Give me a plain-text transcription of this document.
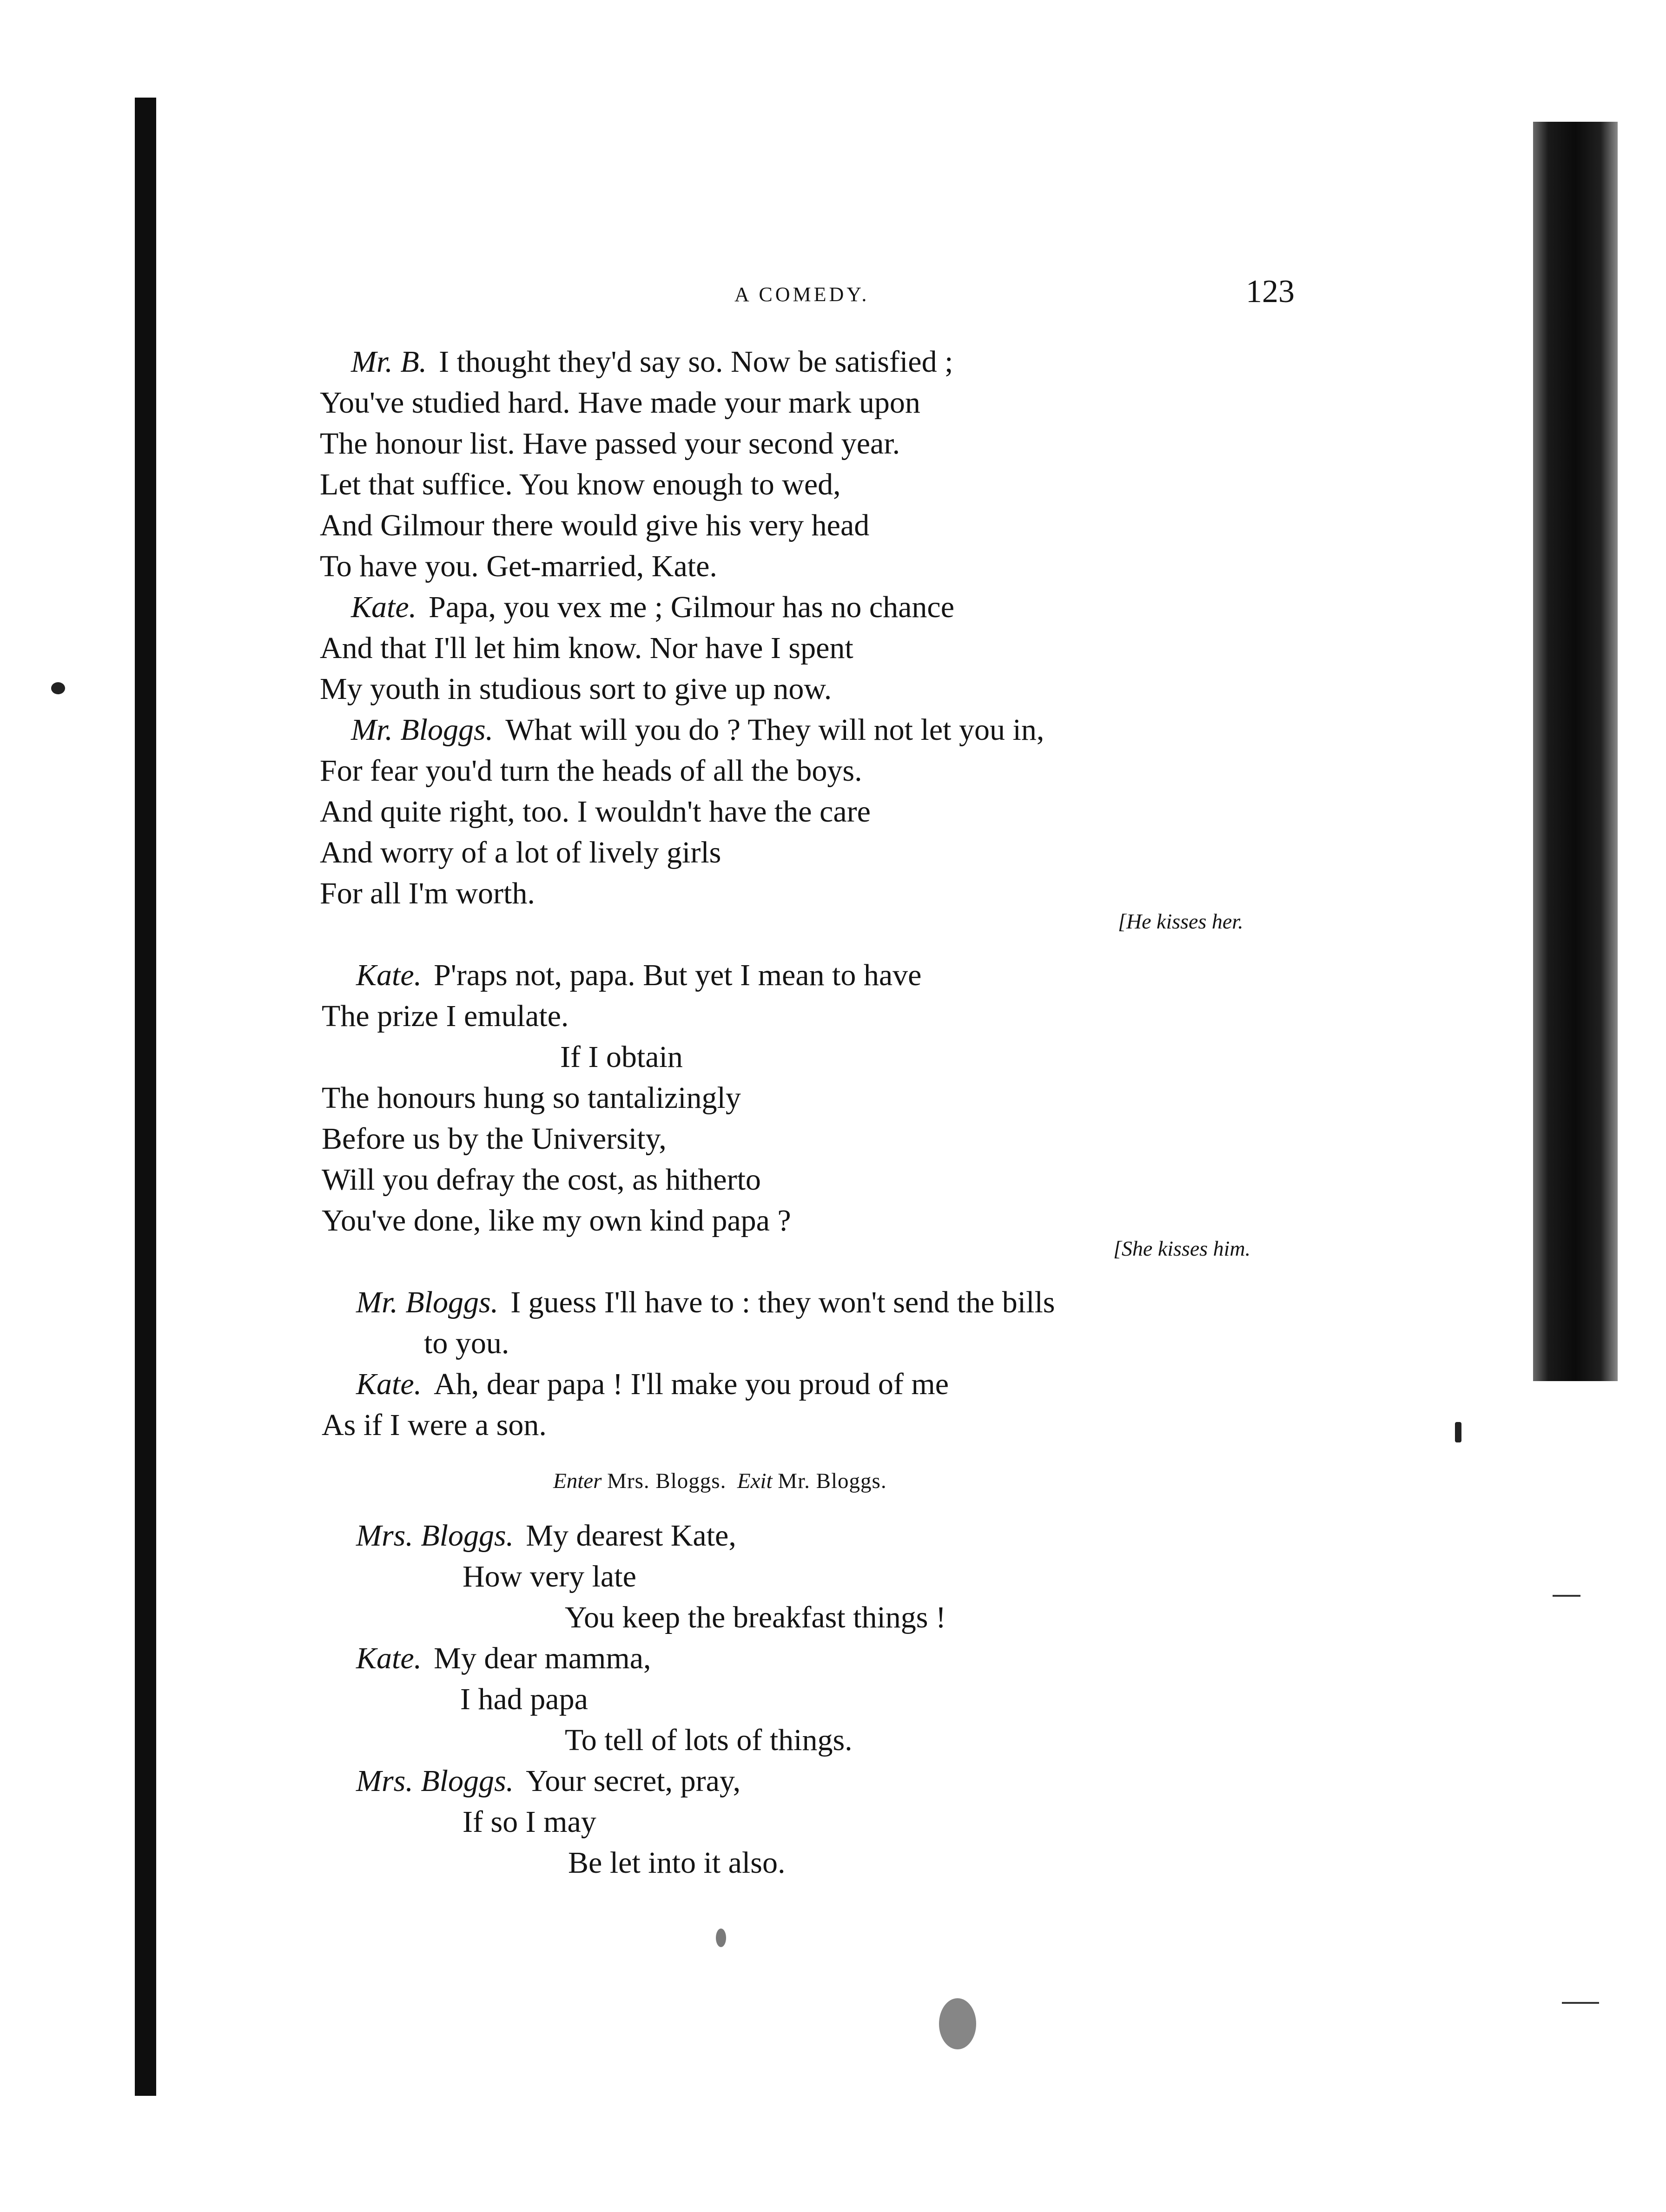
A COMEDY.	123
Mr. B. I thought they'd say so. Now be satisfied ;
You've studied hard. Have made your mark upon
The honour list. Have passed your second year.
Let that suffice. You know enough to wed,
And Gilmour there would give his very head
To have you. Get-married, Kate.
Kate. Papa, you vex me ; Gilmour has no chance
And that I'll let him know. Nor have I spent
My youth in studious sort to give up now.
Mr. Bloggs. What will you do ? They will not let you in,
For fear you'd turn the heads of all the boys.
And quite right, too. I wouldn't have the care
And worry of a lot of lively girls
For all I'm worth.
[He kisses her.
Kate. P'raps not, papa. But yet I mean to have
The prize I emulate.
If I obtain
The honours hung so tantalizingly
Before us by the University,
Will you defray the cost, as hitherto
You've done, like my own kind papa ?
[She kisses him.
Mr. Bloggs. I guess I'll have to : they won't send the bills
to you.
Kate. Ah, dear papa ! I'll make you proud of me
As if I were a son.
Enter Mrs. Bloggs. Exit Mr. Bloggs.
Mrs. Bloggs. My dearest Kate,
How very late
You keep the breakfast things !
Kate. My dear mamma,
I had papa
To tell of lots of things.
Mrs. Bloggs. Your secret, pray,
If so I may
Be let into it also.
